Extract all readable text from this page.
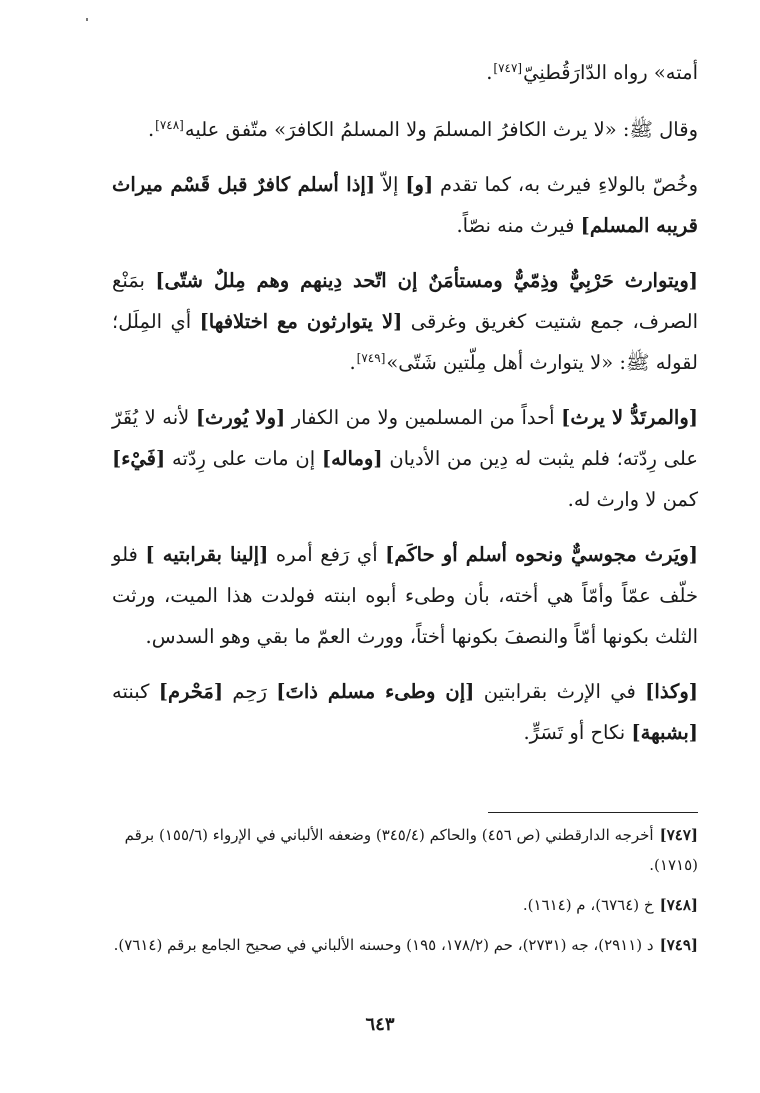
أمته» رواه الدّارَقُطنِيّ[٧٤٧].

وقال ﷺ: «لا يرث الكافرُ المسلمَ ولا المسلمُ الكافرَ» متّفق عليه[٧٤٨].

وخُصّ بالولاءِ فيرث به، كما تقدم [و] إلاّ [إذا أسلم كافرٌ قبل قَسْم ميراث قريبه المسلم] فيرث منه نصّاً.

[ويتوارث حَرْبِيٌّ وذِمّيٌّ ومستأمَنٌ إن اتّحد دِينهم وهم مِللٌ شتّى] بمَنْع الصرف، جمع شتيت كغريق وغرقى [لا يتوارثون مع اختلافها] أي المِلَل؛ لقوله ﷺ: «لا يتوارث أهل مِلّتين شَتّى»[٧٤٩].

[والمرتَدُّ لا يرث] أحداً من المسلمين ولا من الكفار [ولا يُورث] لأنه لا يُقَرّ على رِدّته؛ فلم يثبت له دِين من الأديان [وماله] إن مات على رِدّته [فَيْء] كمن لا وارث له.

[ويَرث مجوسيٌّ ونحوه أسلم أو حاكَم] أي رَفع أمره [إلينا بقرابتيه ] فلو خلّف عمّاً وأمّاً هي أخته، بأن وطىء أبوه ابنته فولدت هذا الميت، ورثت الثلث بكونها أمّاً والنصفَ بكونها أختاً، وورث العمّ ما بقي وهو السدس.

[وكذا] في الإرث بقرابتين [إن وطىء مسلم ذاتَ] رَحِم [مَحْرم] كبنته [بشبهة] نكاح أو تَسَرٍّ.

[٧٤٧]أخرجه الدارقطني (ص ٤٥٦) والحاكم (٣٤٥/٤) وضعفه الألباني في الإرواء (١٥٥/٦) برقم (١٧١٥).

[٧٤٨]خ (٦٧٦٤)، م (١٦١٤).

[٧٤٩]د (٢٩١١)، جه (٢٧٣١)، حم (١٧٨/٢، ١٩٥) وحسنه الألباني في صحيح الجامع برقم (٧٦١٤).

٦٤٣
